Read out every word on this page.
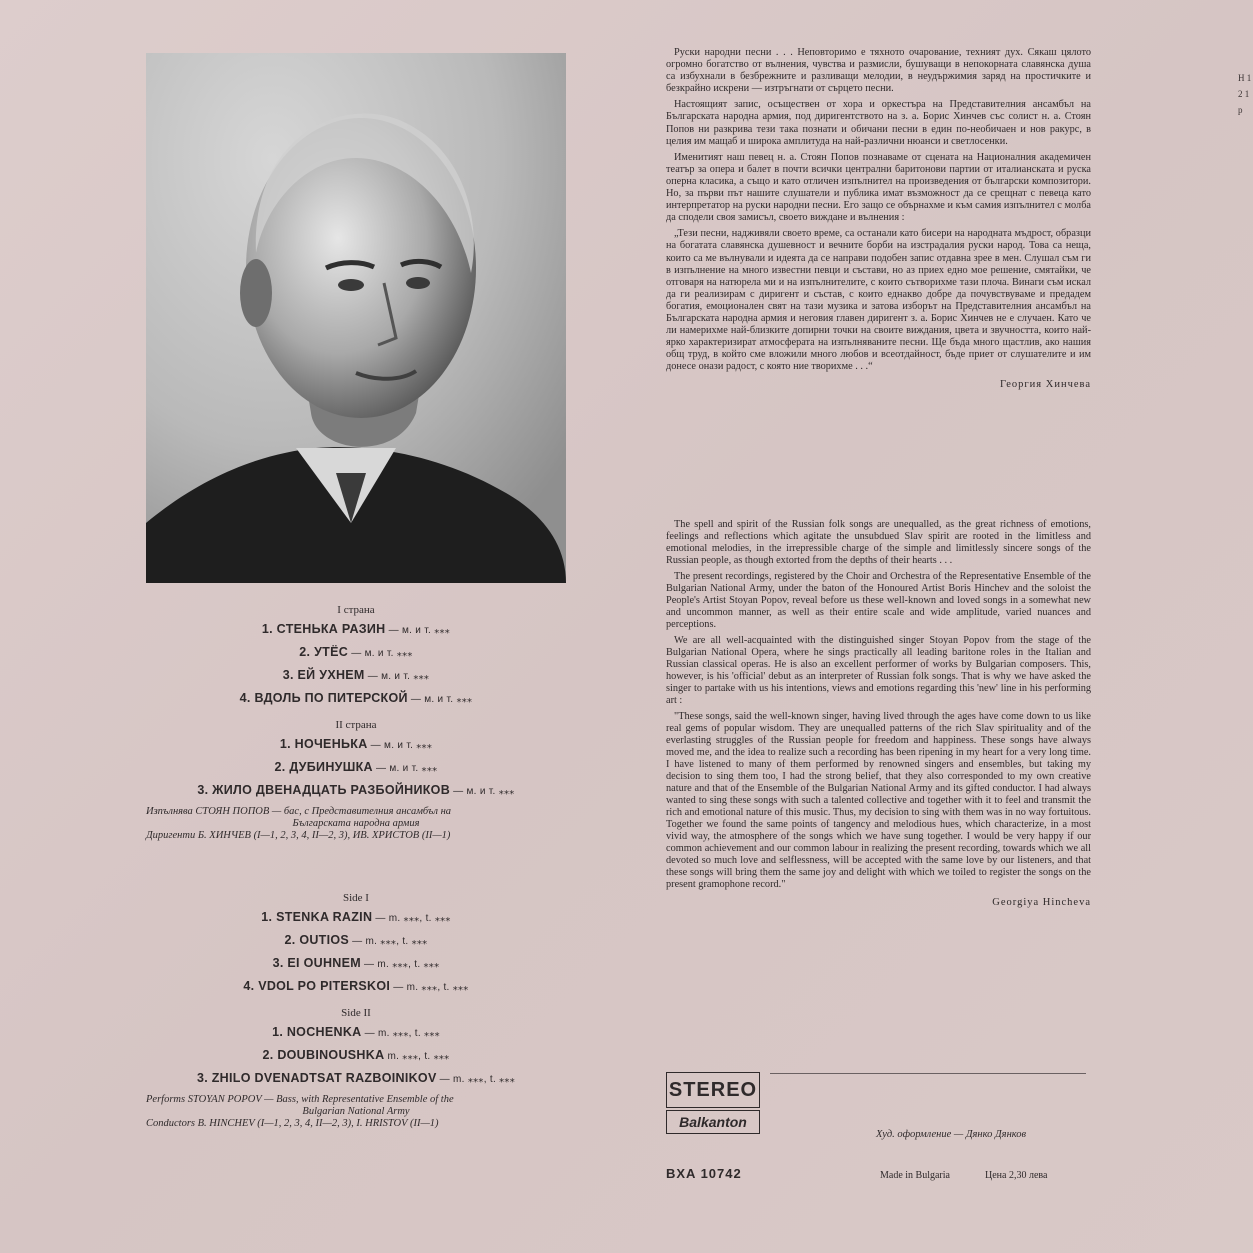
I страна
1. СТЕНЬКА РАЗИН — м. и т. ⁎⁎⁎
2. УТЁС — м. и т. ⁎⁎⁎
3. ЕЙ УХНЕМ — м. и т. ⁎⁎⁎
4. ВДОЛЬ ПО ПИТЕРСКОЙ — м. и т. ⁎⁎⁎
II страна
1. НОЧЕНЬКА — м. и т. ⁎⁎⁎
2. ДУБИНУШКА — м. и т. ⁎⁎⁎
3. ЖИЛО ДВЕНАДЦАТЬ РАЗБОЙНИКОВ — м. и т. ⁎⁎⁎
Изпълнява СТОЯН ПОПОВ — бас, с Представителния ансамбъл на
Българската народна армия
Диригенти Б. ХИНЧЕВ (I—1, 2, 3, 4, II—2, 3), ИВ. ХРИСТОВ (II—1)
Side I
1. STENKA RAZIN — m. ⁎⁎⁎, t. ⁎⁎⁎
2. OUTIOS — m. ⁎⁎⁎, t. ⁎⁎⁎
3. EI OUHNEM — m. ⁎⁎⁎, t. ⁎⁎⁎
4. VDOL PO PITERSKOI — m. ⁎⁎⁎, t. ⁎⁎⁎
Side II
1. NOCHENKA — m. ⁎⁎⁎, t. ⁎⁎⁎
2. DOUBINOUSHKA m. ⁎⁎⁎, t. ⁎⁎⁎
3. ZHILO DVENADTSAT RAZBOINIKOV — m. ⁎⁎⁎, t. ⁎⁎⁎
Performs STOYAN POPOV — Bass, with Representative Ensemble of the
Bulgarian National Army
Conductors B. HINCHEV (I—1, 2, 3, 4, II—2, 3), I. HRISTOV (II—1)

Руски народни песни . . . Неповторимо е тяхното очарование, техният дух. Сякаш цялото огромно богатство от вълнения, чувства и размисли, бушуващи в непокорната славянска душа са избухнали в безбрежните и разливащи мелодии, в неудържимия заряд на простичките и безкрайно искрени — изтръгнати от сърцето песни.

Настоящият запис, осъществен от хора и оркестъра на Представителния ансамбъл на Българската народна армия, под диригентството на з. а. Борис Хинчев със солист н. а. Стоян Попов ни разкрива тези така познати и обичани песни в един по-необичаен и нов ракурс, в целия им мащаб и широка амплитуда на най-различни нюанси и светлосенки.

Именитият наш певец н. а. Стоян Попов познаваме от сцената на Националния академичен театър за опера и балет в почти всички централни баритонови партии от италианската и руска оперна класика, а също и като отличен изпълнител на произведения от български композитори. Но, за първи път нашите слушатели и публика имат възможност да се срещнат с певеца като интерпретатор на руски народни песни. Его защо се обърнахме и към самия изпълнител с молба да сподели своя замисъл, своето виждане и вълнения :

„Тези песни, надживяли своето време, са останали като бисери на народната мъдрост, образци на богатата славянска душевност и вечните борби на изстрадалия руски народ. Това са неща, които са ме вълнували и идеята да се направи подобен запис отдавна зрее в мен. Слушал съм ги в изпълнение на много известни певци и състави, но аз приех едно мое решение, смятайки, че отговаря на натюрела ми и на изпълнителите, с които сътворихме тази плоча. Винаги съм искал да ги реализирам с диригент и състав, с които еднакво добре да почувствуваме и предадем богатия, емоционален свят на тази музика и затова изборът на Представителния ансамбъл на Българската народна армия и неговия главен диригент з. а. Борис Хинчев не е случаен. Като че ли намерихме най-близките допирни точки на своите виждания, цвета и звучността, които най-ярко характеризират атмосферата на изпълняваните песни. Ще бъда много щастлив, ако нашия общ труд, в който сме вложили много любов и всеотдайност, бъде приет от слушателите и им донесе онази радост, с която ние творихме . . .“

Георгия Хинчева

The spell and spirit of the Russian folk songs are unequalled, as the great richness of emotions, feelings and reflections which agitate the unsubdued Slav spirit are rooted in the limitless and emotional melodies, in the irrepressible charge of the simple and limitlessly sincere songs of the Russian people, as though extorted from the depths of their hearts . . .

The present recordings, registered by the Choir and Orchestra of the Representative Ensemble of the Bulgarian National Army, under the baton of the Honoured Artist Boris Hinchev and the soloist the People's Artist Stoyan Popov, reveal before us these well-known and loved songs in a somewhat new and uncommon manner, as well as their entire scale and wide amplitude, varied nuances and perceptions.

We are all well-acquainted with the distinguished singer Stoyan Popov from the stage of the Bulgarian National Opera, where he sings practically all leading baritone roles in the Italian and Russian classical operas. He is also an excellent performer of works by Bulgarian composers. This, however, is his 'official' debut as an interpreter of Russian folk songs. That is why we have asked the singer to partake with us his intentions, views and emotions regarding this 'new' line in his performing art :

"These songs, said the well-known singer, having lived through the ages have come down to us like real gems of popular wisdom. They are unequalled patterns of the rich Slav spirituality and of the everlasting struggles of the Russian people for freedom and happiness. These songs have always moved me, and the idea to realize such a recording has been ripening in my heart for a very long time. I have listened to many of them performed by renowned singers and ensembles, but taking my decision to sing them too, I had the strong belief, that they also corresponded to my own creative nature and that of the Ensemble of the Bulgarian National Army and its gifted conductor. I had always wanted to sing these songs with such a talented collective and together with it to feel and transmit the rich and emotional nature of this music. Thus, my decision to sing with them was in no way fortuitous. Together we found the same points of tangency and melodious hues, which characterize, in a most vivid way, the atmosphere of the songs which we have sung together. I would be very happy if our common achievement and our common labour in realizing the present recording, towards which we all devoted so much love and selflessness, will be accepted with the same love by our listeners, and that these songs will bring them the same joy and delight with which we toiled to register the songs on the present gramophone record."

Georgiya Hincheva
STEREO
Balkanton
Худ. оформление — Дянко Дянков
BXA 10742	Made in Bulgaria	Цена 2,30 лева
Н 1 2 1 р
